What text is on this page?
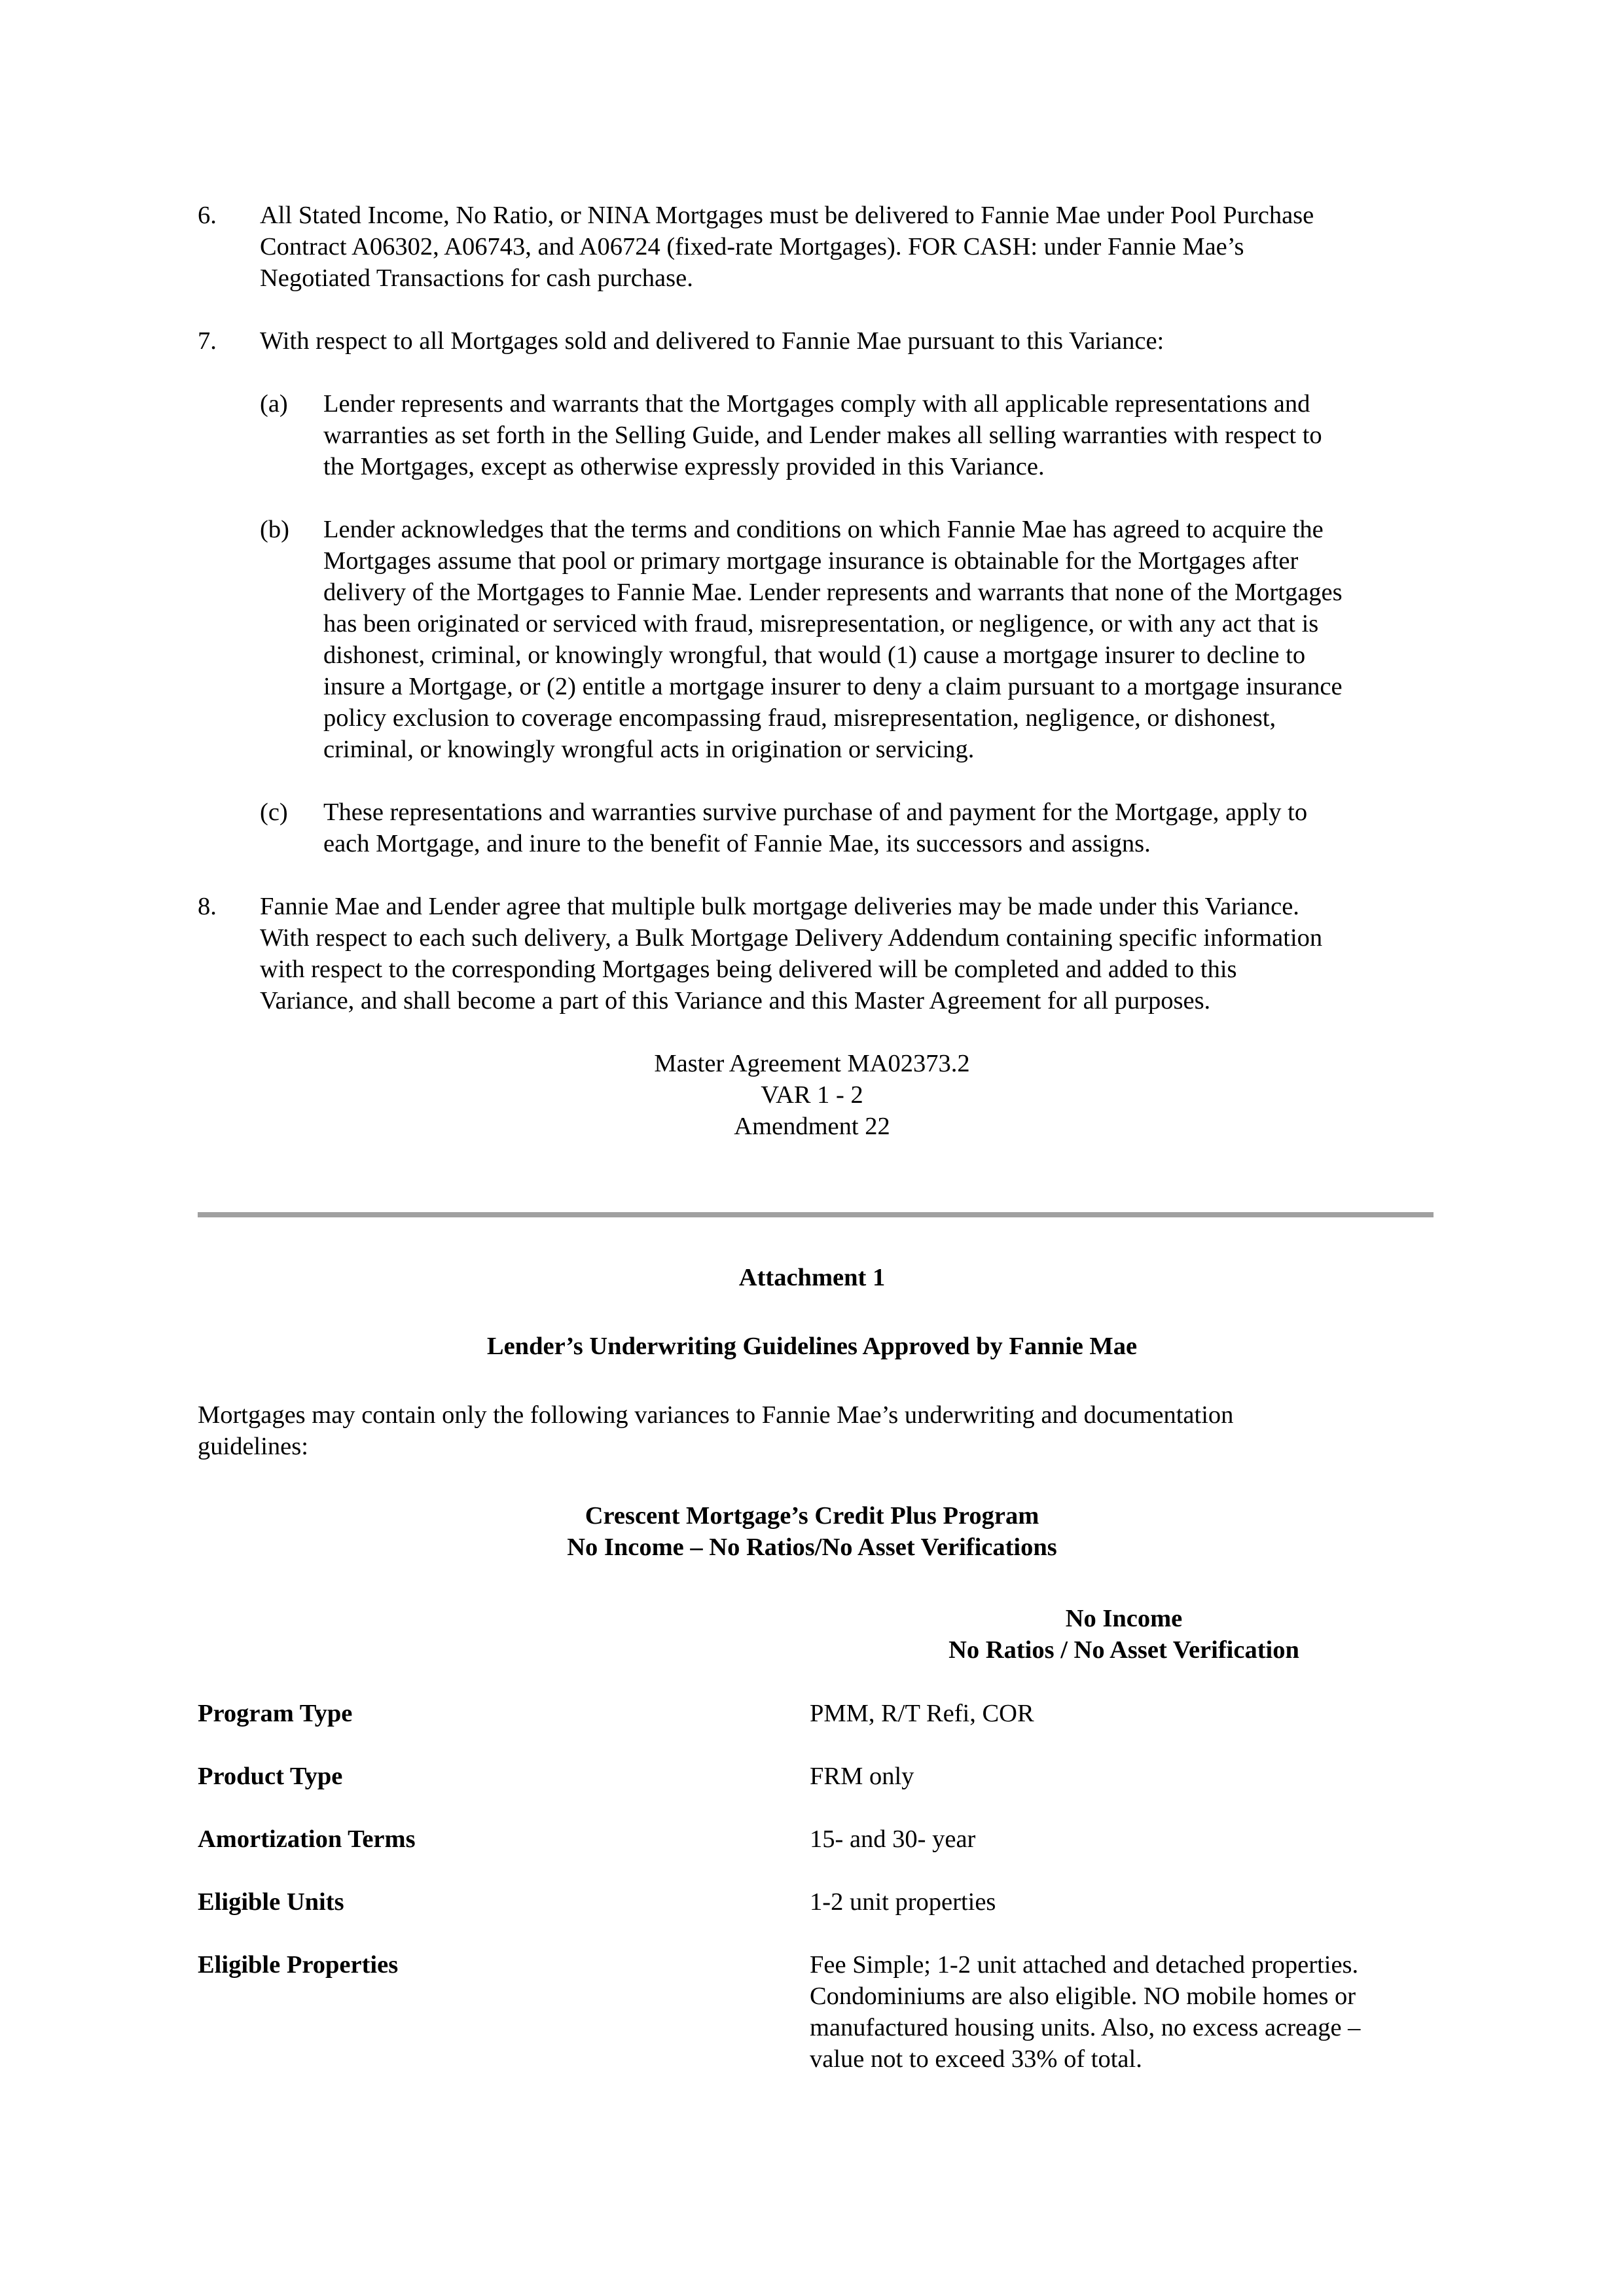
6. All Stated Income, No Ratio, or NINA Mortgages must be delivered to Fannie Mae under Pool Purchase
Contract A06302, A06743, and A06724 (fixed-rate Mortgages). FOR CASH: under Fannie Mae’s
Negotiated Transactions for cash purchase.
7. With respect to all Mortgages sold and delivered to Fannie Mae pursuant to this Variance:
(a) Lender represents and warrants that the Mortgages comply with all applicable representations and
warranties as set forth in the Selling Guide, and Lender makes all selling warranties with respect to
the Mortgages, except as otherwise expressly provided in this Variance.
(b) Lender acknowledges that the terms and conditions on which Fannie Mae has agreed to acquire the
Mortgages assume that pool or primary mortgage insurance is obtainable for the Mortgages after
delivery of the Mortgages to Fannie Mae. Lender represents and warrants that none of the Mortgages
has been originated or serviced with fraud, misrepresentation, or negligence, or with any act that is
dishonest, criminal, or knowingly wrongful, that would (1) cause a mortgage insurer to decline to
insure a Mortgage, or (2) entitle a mortgage insurer to deny a claim pursuant to a mortgage insurance
policy exclusion to coverage encompassing fraud, misrepresentation, negligence, or dishonest,
criminal, or knowingly wrongful acts in origination or servicing.
(c) These representations and warranties survive purchase of and payment for the Mortgage, apply to
each Mortgage, and inure to the benefit of Fannie Mae, its successors and assigns.
8. Fannie Mae and Lender agree that multiple bulk mortgage deliveries may be made under this Variance.
With respect to each such delivery, a Bulk Mortgage Delivery Addendum containing specific information
with respect to the corresponding Mortgages being delivered will be completed and added to this
Variance, and shall become a part of this Variance and this Master Agreement for all purposes.
Master Agreement MA02373.2
VAR 1 - 2
Amendment 22
Attachment 1
Lender’s Underwriting Guidelines Approved by Fannie Mae
Mortgages may contain only the following variances to Fannie Mae’s underwriting and documentation
guidelines:
Crescent Mortgage’s Credit Plus Program
No Income – No Ratios/No Asset Verifications
No Income
No Ratios / No Asset Verification
Program Type	PMM, R/T Refi, COR
Product Type	FRM only
Amortization Terms	15- and 30- year
Eligible Units	1-2 unit properties
Eligible Properties	Fee Simple; 1-2 unit attached and detached properties.
Condominiums are also eligible. NO mobile homes or
manufactured housing units. Also, no excess acreage –
value not to exceed 33% of total.
